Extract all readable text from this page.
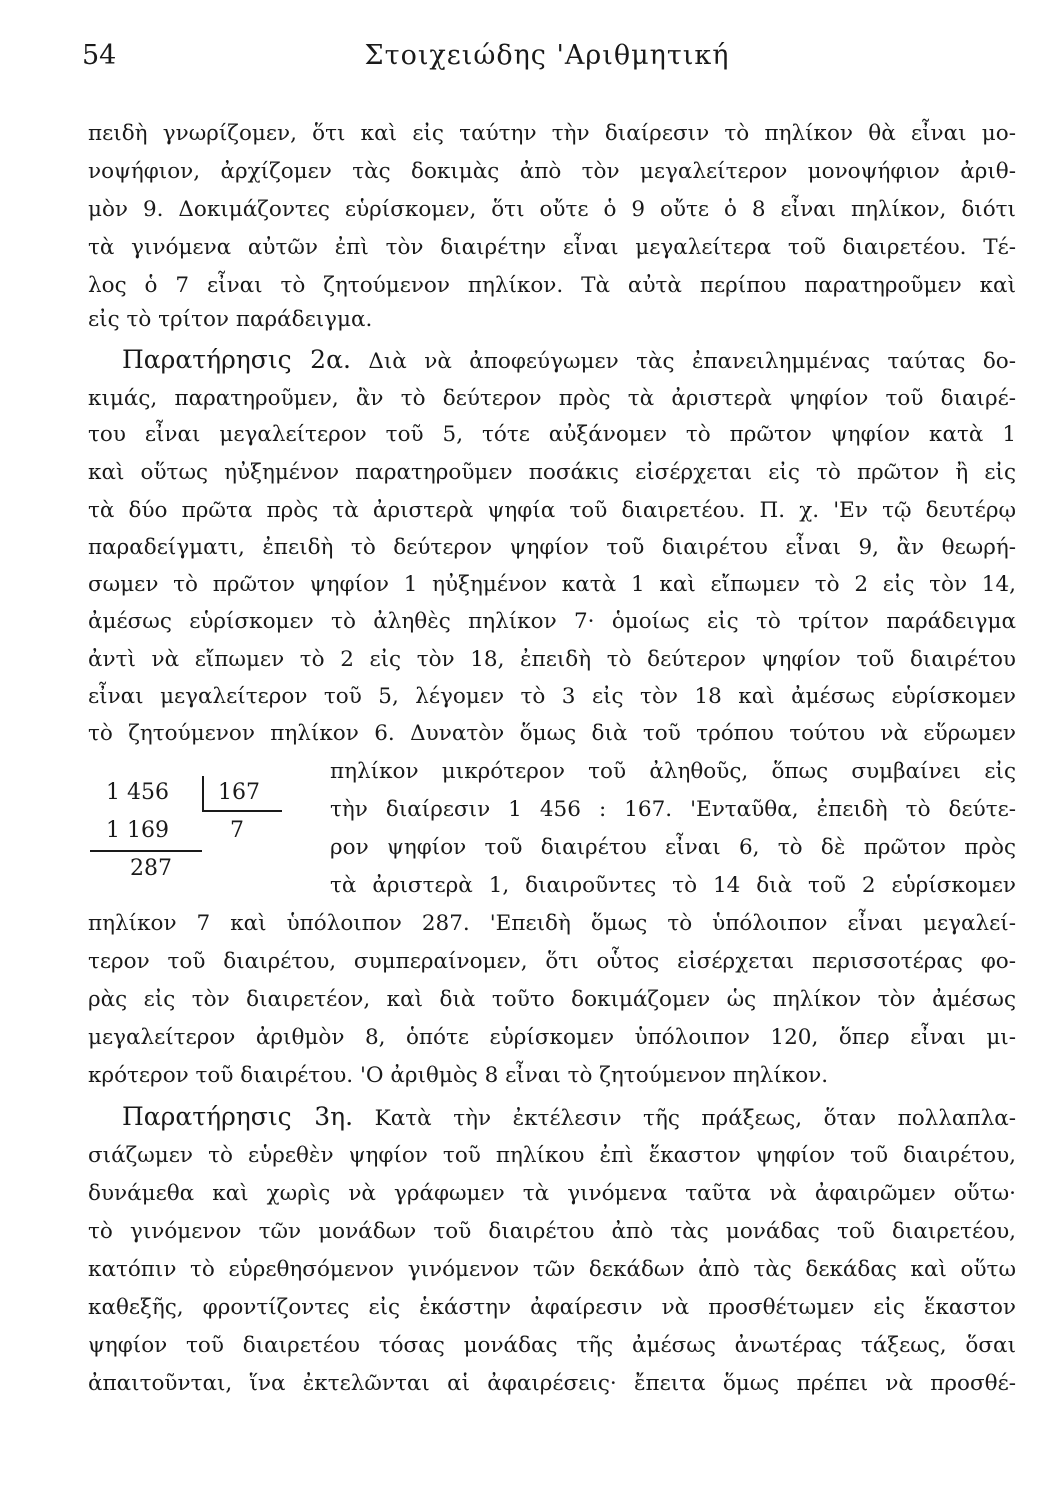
54	Στοιχειώδης 'Αριθμητική
πειδὴ γνωρίζομεν, ὅτι καὶ εἰς ταύτην τὴν διαίρεσιν τὸ πηλίκον θὰ εἶναι μο-
νοψήφιον, ἀρχίζομεν τὰς δοκιμὰς ἀπὸ τὸν μεγαλείτερον μονοψήφιον ἀριθ-
μὸν 9. Δοκιμάζοντες εὑρίσκομεν, ὅτι οὔτε ὁ 9 οὔτε ὁ 8 εἶναι πηλίκον, διότι
τὰ γινόμενα αὐτῶν ἐπὶ τὸν διαιρέτην εἶναι μεγαλείτερα τοῦ διαιρετέου. Τέ-
λος ὁ 7 εἶναι τὸ ζητούμενον πηλίκον. Τὰ αὐτὰ περίπου παρατηροῦμεν καὶ
εἰς τὸ τρίτον παράδειγμα.
Παρατήρησις 2α. Διὰ νὰ ἀποφεύγωμεν τὰς ἐπανειλημμένας ταύτας δο-
κιμάς, παρατηροῦμεν, ἂν τὸ δεύτερον πρὸς τὰ ἀριστερὰ ψηφίον τοῦ διαιρέ-
του εἶναι μεγαλείτερον τοῦ 5, τότε αὐξάνομεν τὸ πρῶτον ψηφίον κατὰ 1
καὶ οὕτως ηὐξημένον παρατηροῦμεν ποσάκις εἰσέρχεται εἰς τὸ πρῶτον ἢ εἰς
τὰ δύο πρῶτα πρὸς τὰ ἀριστερὰ ψηφία τοῦ διαιρετέου. Π. χ. 'Εν τῷ δευτέρῳ
παραδείγματι, ἐπειδὴ τὸ δεύτερον ψηφίον τοῦ διαιρέτου εἶναι 9, ἂν θεωρή-
σωμεν τὸ πρῶτον ψηφίον 1 ηὐξημένον κατὰ 1 καὶ εἴπωμεν τὸ 2 εἰς τὸν 14,
ἀμέσως εὑρίσκομεν τὸ ἀληθὲς πηλίκον 7· ὁμοίως εἰς τὸ τρίτον παράδειγμα
ἀντὶ νὰ εἴπωμεν τὸ 2 εἰς τὸν 18, ἐπειδὴ τὸ δεύτερον ψηφίον τοῦ διαιρέτου
εἶναι μεγαλείτερον τοῦ 5, λέγομεν τὸ 3 εἰς τὸν 18 καὶ ἀμέσως εὑρίσκομεν
τὸ ζητούμενον πηλίκον 6. Δυνατὸν ὅμως διὰ τοῦ τρόπου τούτου νὰ εὕρωμεν
1 456 167
1 169	7
287
πηλίκον μικρότερον τοῦ ἀληθοῦς, ὅπως συμβαίνει εἰς
τὴν διαίρεσιν 1 456 : 167. 'Ενταῦθα, ἐπειδὴ τὸ δεύτε-
ρον ψηφίον τοῦ διαιρέτου εἶναι 6, τὸ δὲ πρῶτον πρὸς
τὰ ἀριστερὰ 1, διαιροῦντες τὸ 14 διὰ τοῦ 2 εὑρίσκομεν
πηλίκον 7 καὶ ὑπόλοιπον 287. 'Επειδὴ ὅμως τὸ ὑπόλοιπον εἶναι μεγαλεί-
τερον τοῦ διαιρέτου, συμπεραίνομεν, ὅτι οὗτος εἰσέρχεται περισσοτέρας φο-
ρὰς εἰς τὸν διαιρετέον, καὶ διὰ τοῦτο δοκιμάζομεν ὡς πηλίκον τὸν ἀμέσως
μεγαλείτερον ἀριθμὸν 8, ὁπότε εὑρίσκομεν ὑπόλοιπον 120, ὅπερ εἶναι μι-
κρότερον τοῦ διαιρέτου. 'Ο ἀριθμὸς 8 εἶναι τὸ ζητούμενον πηλίκον.
Παρατήρησις 3η. Κατὰ τὴν ἐκτέλεσιν τῆς πράξεως, ὅταν πολλαπλα-
σιάζωμεν τὸ εὑρεθὲν ψηφίον τοῦ πηλίκου ἐπὶ ἕκαστον ψηφίον τοῦ διαιρέτου,
δυνάμεθα καὶ χωρὶς νὰ γράφωμεν τὰ γινόμενα ταῦτα νὰ ἀφαιρῶμεν οὕτω·
τὸ γινόμενον τῶν μονάδων τοῦ διαιρέτου ἀπὸ τὰς μονάδας τοῦ διαιρετέου,
κατόπιν τὸ εὑρεθησόμενον γινόμενον τῶν δεκάδων ἀπὸ τὰς δεκάδας καὶ οὕτω
καθεξῆς, φροντίζοντες εἰς ἑκάστην ἀφαίρεσιν νὰ προσθέτωμεν εἰς ἕκαστον
ψηφίον τοῦ διαιρετέου τόσας μονάδας τῆς ἀμέσως ἀνωτέρας τάξεως, ὅσαι
ἀπαιτοῦνται, ἵνα ἐκτελῶνται αἱ ἀφαιρέσεις· ἔπειτα ὅμως πρέπει νὰ προσθέ-
